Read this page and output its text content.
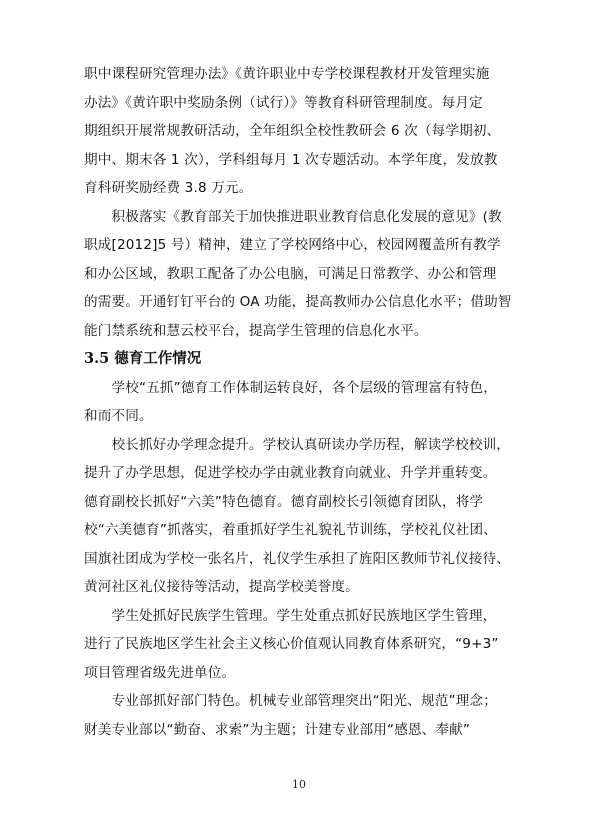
职中课程研究管理办法》《黄许职业中专学校课程教材开发管理实施
办法》《黄许职中奖励条例（试行）》等教育科研管理制度。每月定
期组织开展常规教研活动，全年组织全校性教研会 6 次（每学期初、
期中、期末各 1 次），学科组每月 1 次专题活动。本学年度，发放教
育科研奖励经费 3.8 万元。
　　积极落实《教育部关于加快推进职业教育信息化发展的意见》(教
职成[2012]5 号）精神，建立了学校网络中心，校园网覆盖所有教学
和办公区域，教职工配备了办公电脑，可满足日常教学、办公和管理
的需要。开通钉钉平台的 OA 功能，提高教师办公信息化水平；借助智
能门禁系统和慧云校平台，提高学生管理的信息化水平。
3.5 德育工作情况
　　学校“五抓”德育工作体制运转良好，各个层级的管理富有特色，
和而不同。
　　校长抓好办学理念提升。学校认真研读办学历程，解读学校校训，
提升了办学思想，促进学校办学由就业教育向就业、升学并重转变。
德育副校长抓好“六美”特色德育。德育副校长引领德育团队，将学
校“六美德育”抓落实，着重抓好学生礼貌礼节训练，学校礼仪社团、
国旗社团成为学校一张名片，礼仪学生承担了旌阳区教师节礼仪接待、
黄河社区礼仪接待等活动，提高学校美誉度。
　　学生处抓好民族学生管理。学生处重点抓好民族地区学生管理，
进行了民族地区学生社会主义核心价值观认同教育体系研究，“9+3”
项目管理省级先进单位。
　　专业部抓好部门特色。机械专业部管理突出“阳光、规范”理念；
财美专业部以“勤奋、求索”为主题；计建专业部用“感恩、奉献”
10
